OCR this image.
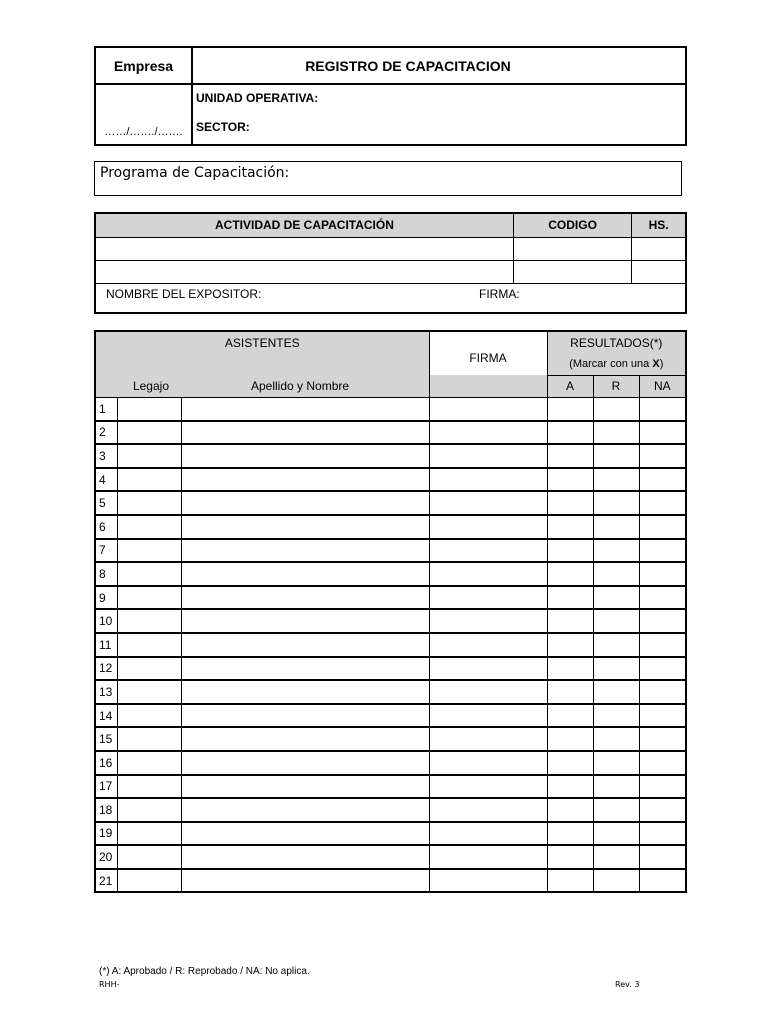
Empresa	REGISTRO DE CAPACITACION
……/……./…….
UNIDAD OPERATIVA:
SECTOR:
Programa de Capacitación:
ACTIVIDAD DE CAPACITACIÓN	CODIGO	HS.

NOMBRE DEL EXPOSITOR: FIRMA:		
ASISTENTES			FIRMA	RESULTADOS(*)		
				(Marcar con una X)		
Legajo		Apellido y Nombre		A	R	NA
1						
2						
3						
4						
5						
6						
7						
8						
9						
10						
11						
12						
13						
14						
15						
16						
17						
18						
19						
20						
21						
(*) A: Aprobado / R: Reprobado / NA: No aplica.
RHH-	Rev. 3
